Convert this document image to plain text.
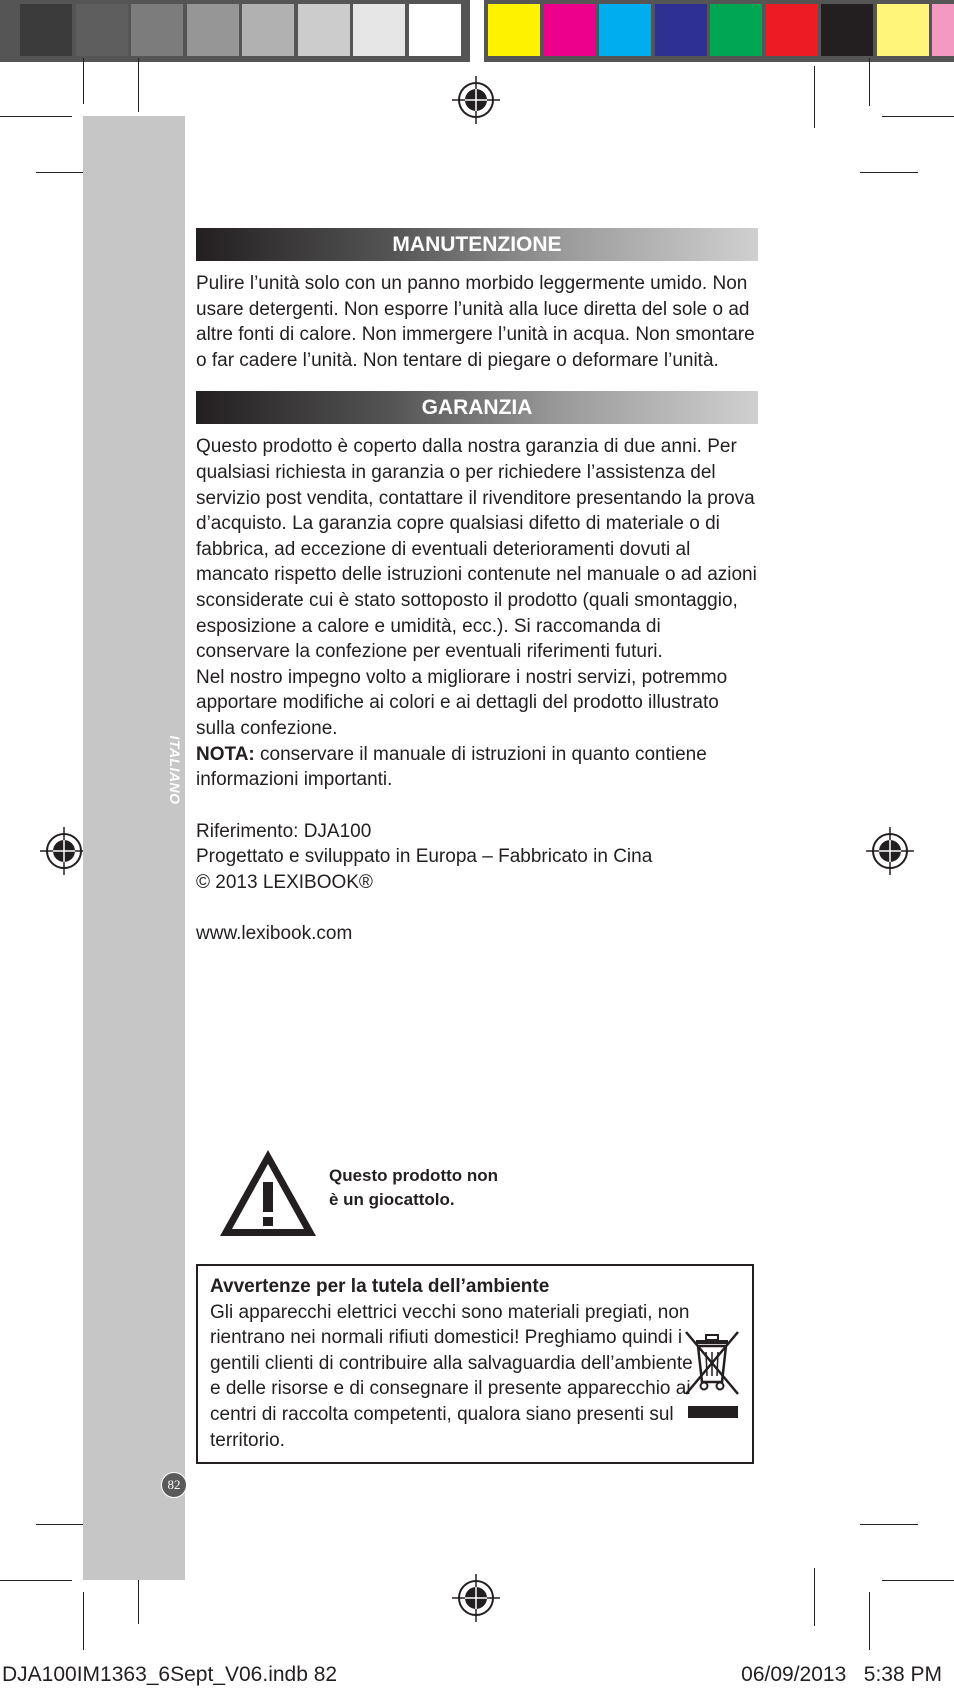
ITALIANO
82
MANUTENZIONE

Pulire l’unità solo con un panno morbido leggermente umido. Non usare detergenti. Non esporre l’unità alla luce diretta del sole o ad altre fonti di calore. Non immergere l’unità in acqua. Non smontare o far cadere l’unità. Non tentare di piegare o deformare l’unità.

GARANZIA

Questo prodotto è coperto dalla nostra garanzia di due anni. Per qualsiasi richiesta in garanzia o per richiedere l’assistenza del servizio post vendita, contattare il rivenditore presentando la prova d’acquisto. La garanzia copre qualsiasi difetto di materiale o di fabbrica, ad eccezione di eventuali deterioramenti dovuti al mancato rispetto delle istruzioni contenute nel manuale o ad azioni sconsiderate cui è stato sottoposto il prodotto (quali smontaggio, esposizione a calore e umidità, ecc.). Si raccomanda di conservare la confezione per eventuali riferimenti futuri.

Nel nostro impegno volto a migliorare i nostri servizi, potremmo apportare modifiche ai colori e ai dettagli del prodotto illustrato sulla confezione.

NOTA: conservare il manuale di istruzioni in quanto contiene informazioni importanti.

Riferimento: DJA100

Progettato e sviluppato in Europa – Fabbricato in Cina

© 2013 LEXIBOOK®

www.lexibook.com

Questo prodotto non è un giocattolo.
Avvertenze per la tutela dell’ambiente
Gli apparecchi elettrici vecchi sono materiali pregiati, non rientrano nei normali rifiuti domestici! Preghiamo quindi i gentili clienti di contribuire alla salvaguardia dell’ambiente e delle risorse e di consegnare il presente apparecchio ai centri di raccolta competenti, qualora siano presenti sul territorio.
DJA100IM1363_6Sept_V06.indb 82	06/09/2013 5:38 PM
